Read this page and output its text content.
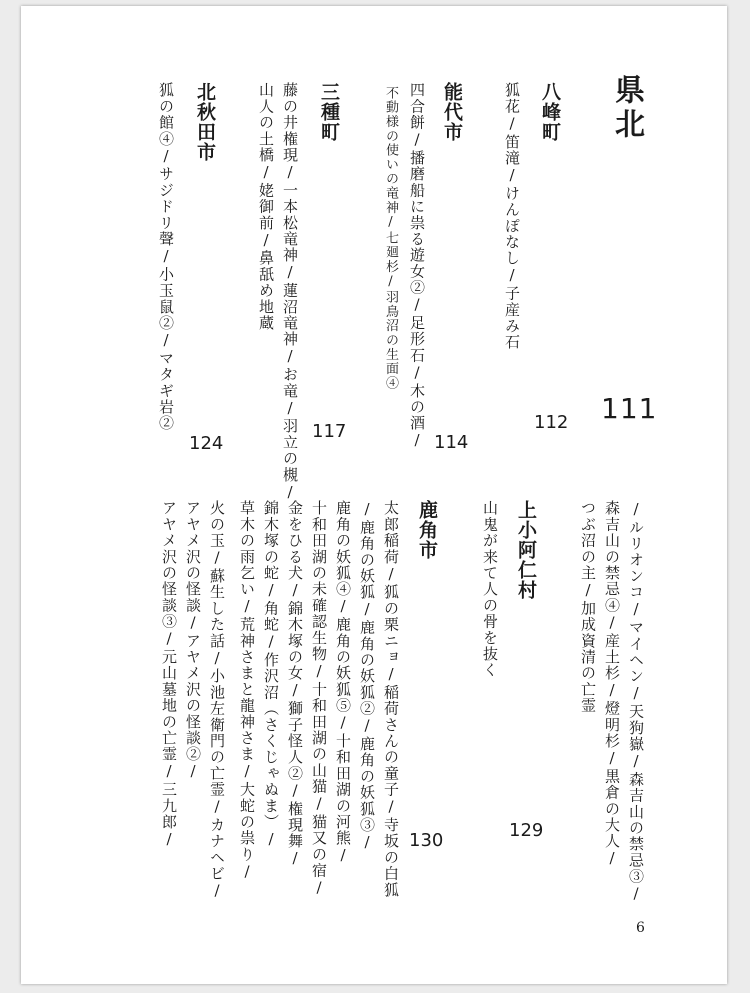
県北
111
八峰町
狐花/笛滝/けんぽなし/子産み石
112
能代市
四合餅/播磨船に祟る遊女②/足形石/木の酒/
不動様の使いの竜神/七廻杉/羽鳥沼の生面④
114
三種町
藤の井権現/一本松竜神/蓮沼竜神/お竜/羽立の槻/
山人の土橋/姥御前/鼻舐め地蔵
117
北秋田市
狐の館④/サジドリ聲/小玉鼠②/マタギ岩②
124
/ルリオンコ/マイヘン/天狗嶽/森吉山の禁忌③/
森吉山の禁忌④/産土杉/燈明杉/黒倉の大人/
つぶ沼の主/加成資清の亡霊
上小阿仁村
山鬼が来て人の骨を抜く
129
鹿角市
太郎稲荷/狐の栗ニョ/稲荷さんの童子/寺坂の白狐
/鹿角の妖狐/鹿角の妖狐②/鹿角の妖狐③/
鹿角の妖狐④/鹿角の妖狐⑤/十和田湖の河熊/
十和田湖の未確認生物/十和田湖の山猫/猫又の宿/
金をひる犬/錦木塚の女/獅子怪人②/権現舞/
錦木塚の蛇/角蛇/作沢沼（さくじゃぬま）/
草木の雨乞い/荒神さまと龍神さま/大蛇の祟り/
火の玉/蘇生した話/小池左衛門の亡霊/カナヘビ/
アヤメ沢の怪談/アヤメ沢の怪談②/
アヤメ沢の怪談③/元山墓地の亡霊/三九郎/	130
6
